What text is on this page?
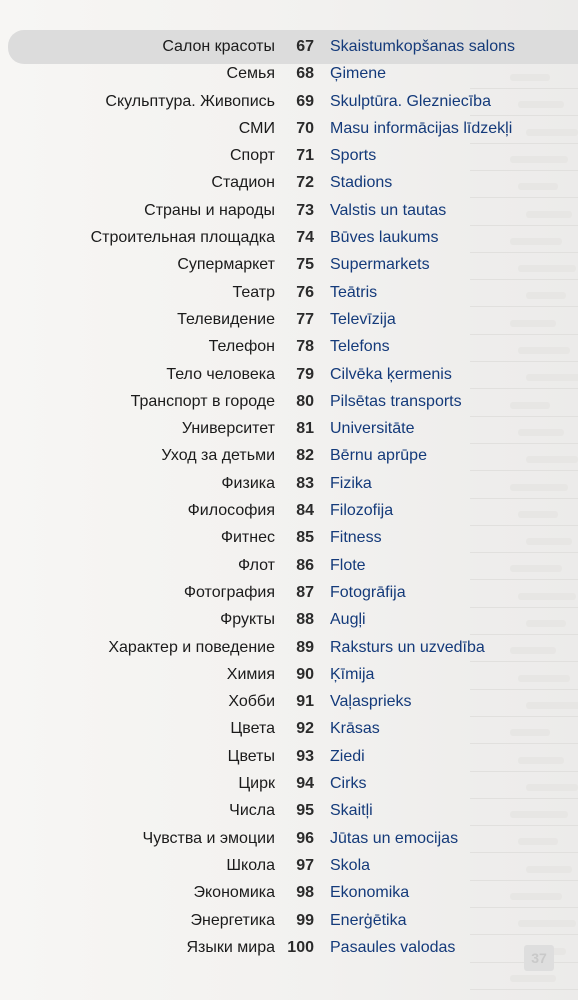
Салон красоты	67 Skaistumkopšanas salons
Семья	68 Ģimene
Скульптура. Живопись	69 Skulptūra. Glezniecība
СМИ	70 Masu informācijas līdzekļi
Спорт	71 Sports
Стадион	72 Stadions
Страны и народы	73 Valstis un tautas
Строительная площадка	74 Būves laukums
Супермаркет	75 Supermarkets
Театр	76 Teātris
Телевидение	77 Televīzija
Телефон	78 Telefons
Тело человека	79 Cilvēka ķermenis
Транспорт в городе	80 Pilsētas transports
Университет	81 Universitāte
Уход за детьми	82 Bērnu aprūpe
Физика	83 Fizika
Философия	84 Filozofija
Фитнес	85 Fitness
Флот	86 Flote
Фотография	87 Fotogrāfija
Фрукты	88 Augļi
Характер и поведение	89 Raksturs un uzvedība
Химия	90 Ķīmija
Хобби	91 Vaļasprieks
Цвета	92 Krāsas
Цветы	93 Ziedi
Цирк	94 Cirks
Числа	95 Skaitļi
Чувства и эмоции	96 Jūtas un emocijas
Школа	97 Skola
Экономика	98 Ekonomika
Энергетика	99 Enerģētika
Языки мира 100 Pasaules valodas
37
